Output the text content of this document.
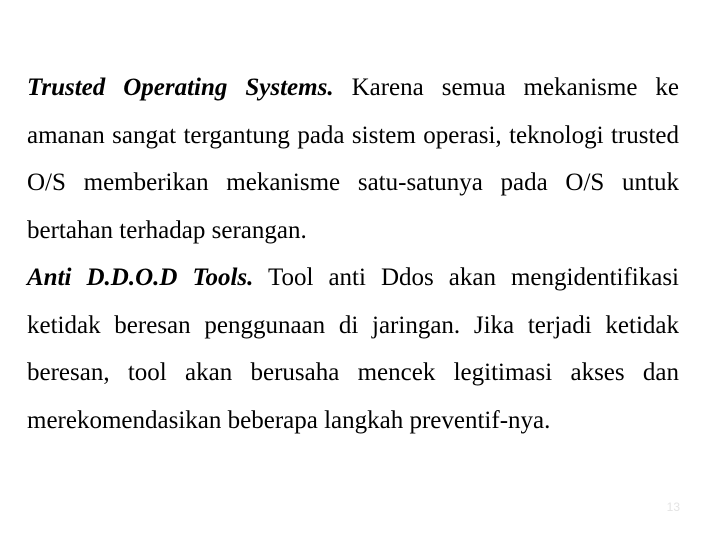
Trusted Operating Systems. Karena semua mekanisme ke amanan sangat tergantung pada sistem operasi, teknologi trusted O/S memberikan mekanisme satu-satunya pada O/S untuk bertahan terhadap serangan.

Anti D.D.O.D Tools. Tool anti Ddos akan mengidentifikasi ketidak beresan penggunaan di jaringan. Jika terjadi ketidak beresan, tool akan berusaha mencek legitimasi akses dan merekomendasikan beberapa langkah preventif-nya.

13
